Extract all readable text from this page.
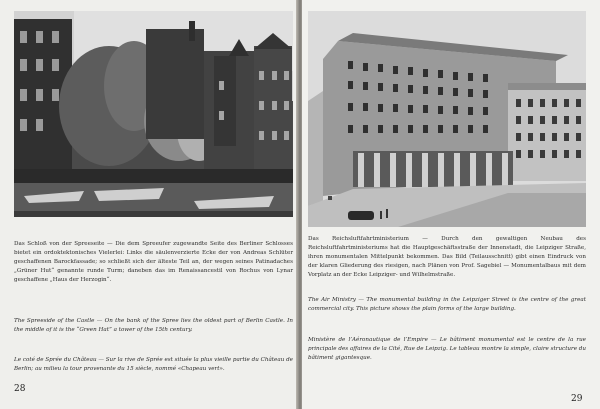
Das Schloß von der Spreeseite — Die dem Spreeufer zugewandte Seite des Berliner Schlosses bietet ein ordoktektonisches Vielerlei: Links die säulenverzierte Ecke der von Andreas Schlüter geschaffenen Barockfassade; so schließt sich der älteste Teil an, der wegen seines Patinadaches „Grüner Hut“ genannte runde Turm; daneben das im Renaissancestil von Rochus von Lynar geschaffene „Haus der Herzogin“.
The Spreeside of the Castle — On the bank of the Spree lies the oldest part of Berlin Castle. In the middle of it is the “Green Hat” a tower of the 15th century.
Le coté de Sprée du Château — Sur la rive de Sprée est située la plus vieille partie du Château de Berlin; au milieu la tour provenante du 15 siècle, nommé «Chapeau vert».
28
Das Reichsluftfahrtministerium — Durch den gewaltigen Neubau des Reichsluftfahrtministeriums hat die Hauptgeschäftsstraße der Innenstadt, die Leipziger Straße, ihren monumentalen Mittelpunkt bekommen. Das Bild (Teilausschnitt) gibt einen Eindruck von der klaren Gliederung des riesigen, nach Plänen von Prof. Sagebiel — Monumentalbaus mit dem Vorplatz an der Ecke Leipziger- und Wilhelmstraße.
The Air Ministry — The monumental building in the Leipziger Street is the centre of the great commercial city. This picture shows the plain forms of the large building.
Ministère de l’Aéronautique de l’Empire — Le bâtiment monumental est le centre de la rue principale des affaires de la Cité, Rue de Leipzig. Le tableau montre la simple, claire structure du bâtiment gigantesque.
29
